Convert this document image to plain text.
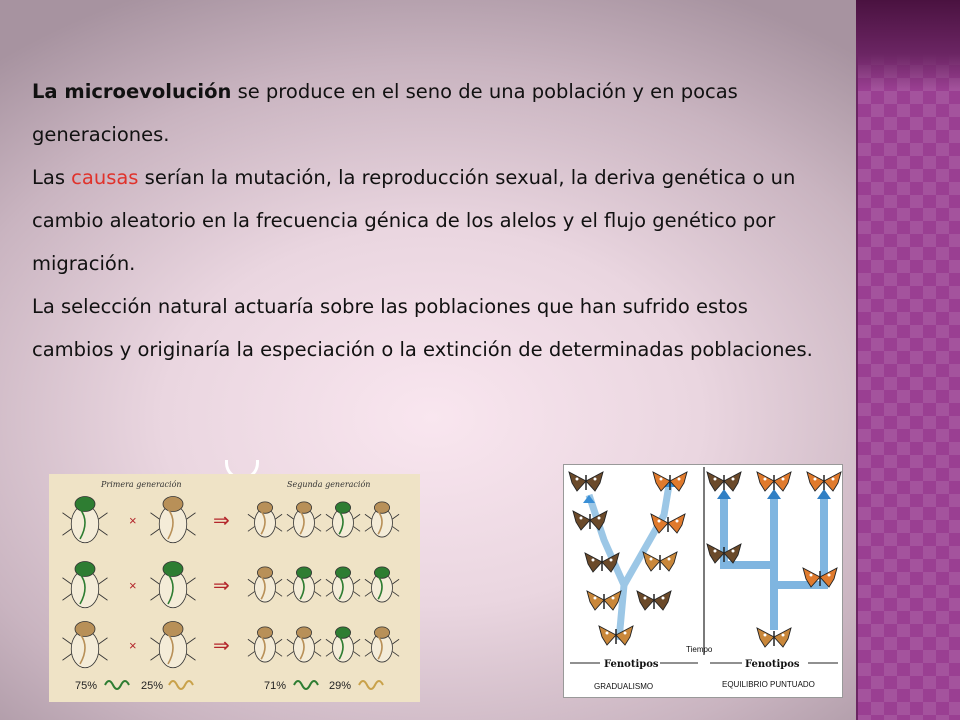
La microevolución se produce en el seno de una población y en pocas generaciones.

Las causas serían la mutación, la reproducción sexual, la deriva genética o un cambio aleatorio en la frecuencia génica de los alelos y el flujo genético por migración.

La selección natural actuaría sobre las poblaciones que han sufrido estos cambios y originaría la especiación o la extinción de determinadas poblaciones.

Primera generación	Segunda generación
×	⇒
×	⇒
×	⇒
75%	25%	71%	29%
Tiempo
Fenotipos	Fenotipos
GRADUALISMO	EQUILIBRIO PUNTUADO
